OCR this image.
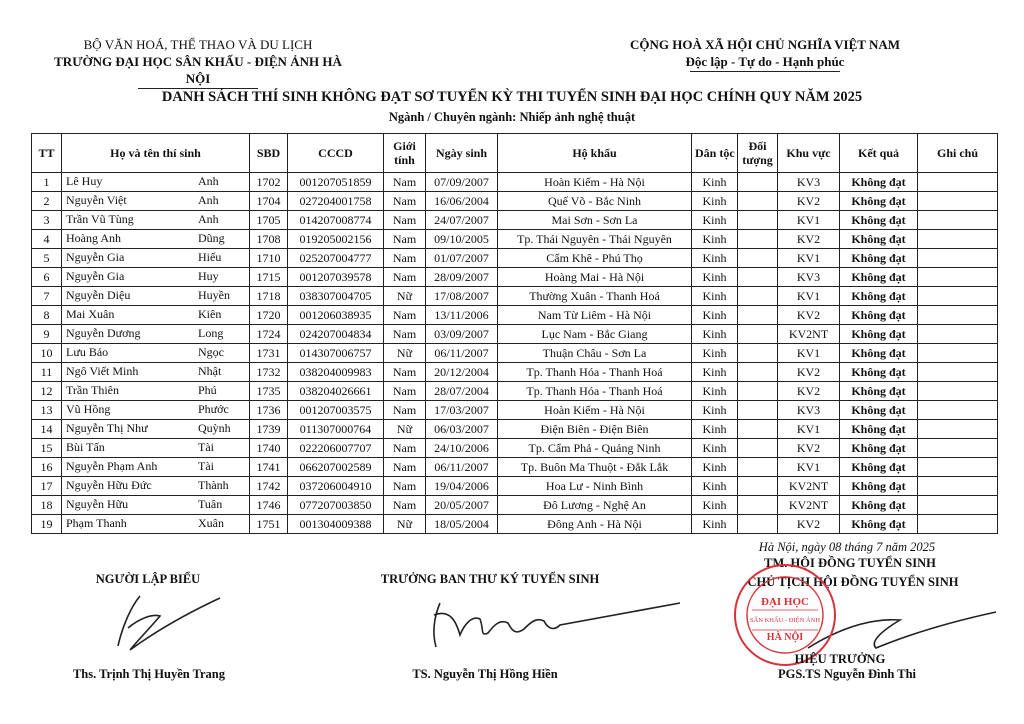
BỘ VĂN HOÁ, THỂ THAO VÀ DU LỊCH
TRƯỜNG ĐẠI HỌC SÂN KHẤU - ĐIỆN ẢNH HÀ NỘI
CỘNG HOÀ XÃ HỘI CHỦ NGHĨA VIỆT NAM
Độc lập - Tự do - Hạnh phúc
DANH SÁCH THÍ SINH KHÔNG ĐẠT SƠ TUYỂN KỲ THI TUYỂN SINH ĐẠI HỌC CHÍNH QUY NĂM 2025
Ngành / Chuyên ngành: Nhiếp ảnh nghệ thuật
TT	Họ và tên thí sinh	SBD	CCCD	Giới
tính	Ngày sinh	Hộ khẩu	Dân tộc	Đối
tượng	Khu vực	Kết quả	Ghi chú
1	Lê Huy Anh	1702	001207051859	Nam	07/09/2007	Hoàn Kiếm - Hà Nội	Kinh		KV3	Không đạt	
2	Nguyễn Việt Anh	1704	027204001758	Nam	16/06/2004	Quế Võ - Bắc Ninh	Kinh		KV2	Không đạt	
3	Trần Vũ Tùng Anh	1705	014207008774	Nam	24/07/2007	Mai Sơn - Sơn La	Kinh		KV1	Không đạt	
4	Hoàng Anh Dũng	1708	019205002156	Nam	09/10/2005	Tp. Thái Nguyên - Thái Nguyên	Kinh		KV2	Không đạt	
5	Nguyễn Gia Hiếu	1710	025207004777	Nam	01/07/2007	Cẩm Khê - Phú Thọ	Kinh		KV1	Không đạt	
6	Nguyễn Gia Huy	1715	001207039578	Nam	28/09/2007	Hoàng Mai - Hà Nội	Kinh		KV3	Không đạt	
7	Nguyễn Diệu Huyền	1718	038307004705	Nữ	17/08/2007	Thường Xuân - Thanh Hoá	Kinh		KV1	Không đạt	
8	Mai Xuân Kiên	1720	001206038935	Nam	13/11/2006	Nam Từ Liêm - Hà Nội	Kinh		KV2	Không đạt	
9	Nguyễn Dương Long	1724	024207004834	Nam	03/09/2007	Lục Nam - Bắc Giang	Kinh		KV2NT	Không đạt	
10	Lưu Bảo Ngọc	1731	014307006757	Nữ	06/11/2007	Thuận Châu - Sơn La	Kinh		KV1	Không đạt	
11	Ngô Viết Minh Nhật	1732	038204009983	Nam	20/12/2004	Tp. Thanh Hóa - Thanh Hoá	Kinh		KV2	Không đạt	
12	Trần Thiên Phú	1735	038204026661	Nam	28/07/2004	Tp. Thanh Hóa - Thanh Hoá	Kinh		KV2	Không đạt	
13	Vũ Hồng Phước	1736	001207003575	Nam	17/03/2007	Hoàn Kiếm - Hà Nội	Kinh		KV3	Không đạt	
14	Nguyễn Thị Như Quỳnh	1739	011307000764	Nữ	06/03/2007	Điện Biên - Điện Biên	Kinh		KV1	Không đạt	
15	Bùi Tấn Tài	1740	022206007707	Nam	24/10/2006	Tp. Cẩm Phả - Quảng Ninh	Kinh		KV2	Không đạt	
16	Nguyễn Phạm Anh Tài	1741	066207002589	Nam	06/11/2007	Tp. Buôn Ma Thuột - Đắk Lắk	Kinh		KV1	Không đạt	
17	Nguyễn Hữu Đức Thành	1742	037206004910	Nam	19/04/2006	Hoa Lư - Ninh Bình	Kinh		KV2NT	Không đạt	
18	Nguyễn Hữu Tuân	1746	077207003850	Nam	20/05/2007	Đô Lương - Nghệ An	Kinh		KV2NT	Không đạt	
19	Phạm Thanh Xuân	1751	001304009388	Nữ	18/05/2004	Đông Anh - Hà Nội	Kinh		KV2	Không đạt	
Hà Nội, ngày 08 tháng 7 năm 2025
NGƯỜI LẬP BIỂU	TRƯỞNG BAN THƯ KÝ TUYỂN SINH
TM. HỘI ĐỒNG TUYỂN SINH
CHỦ TỊCH HỘI ĐỒNG TUYỂN SINH
ĐẠI HỌC
SÂN KHẤU - ĐIỆN ẢNH
HÀ NỘI
HIỆU TRƯỞNG
Ths. Trịnh Thị Huyền Trang	TS. Nguyễn Thị Hồng Hiền	PGS.TS Nguyễn Đình Thi
